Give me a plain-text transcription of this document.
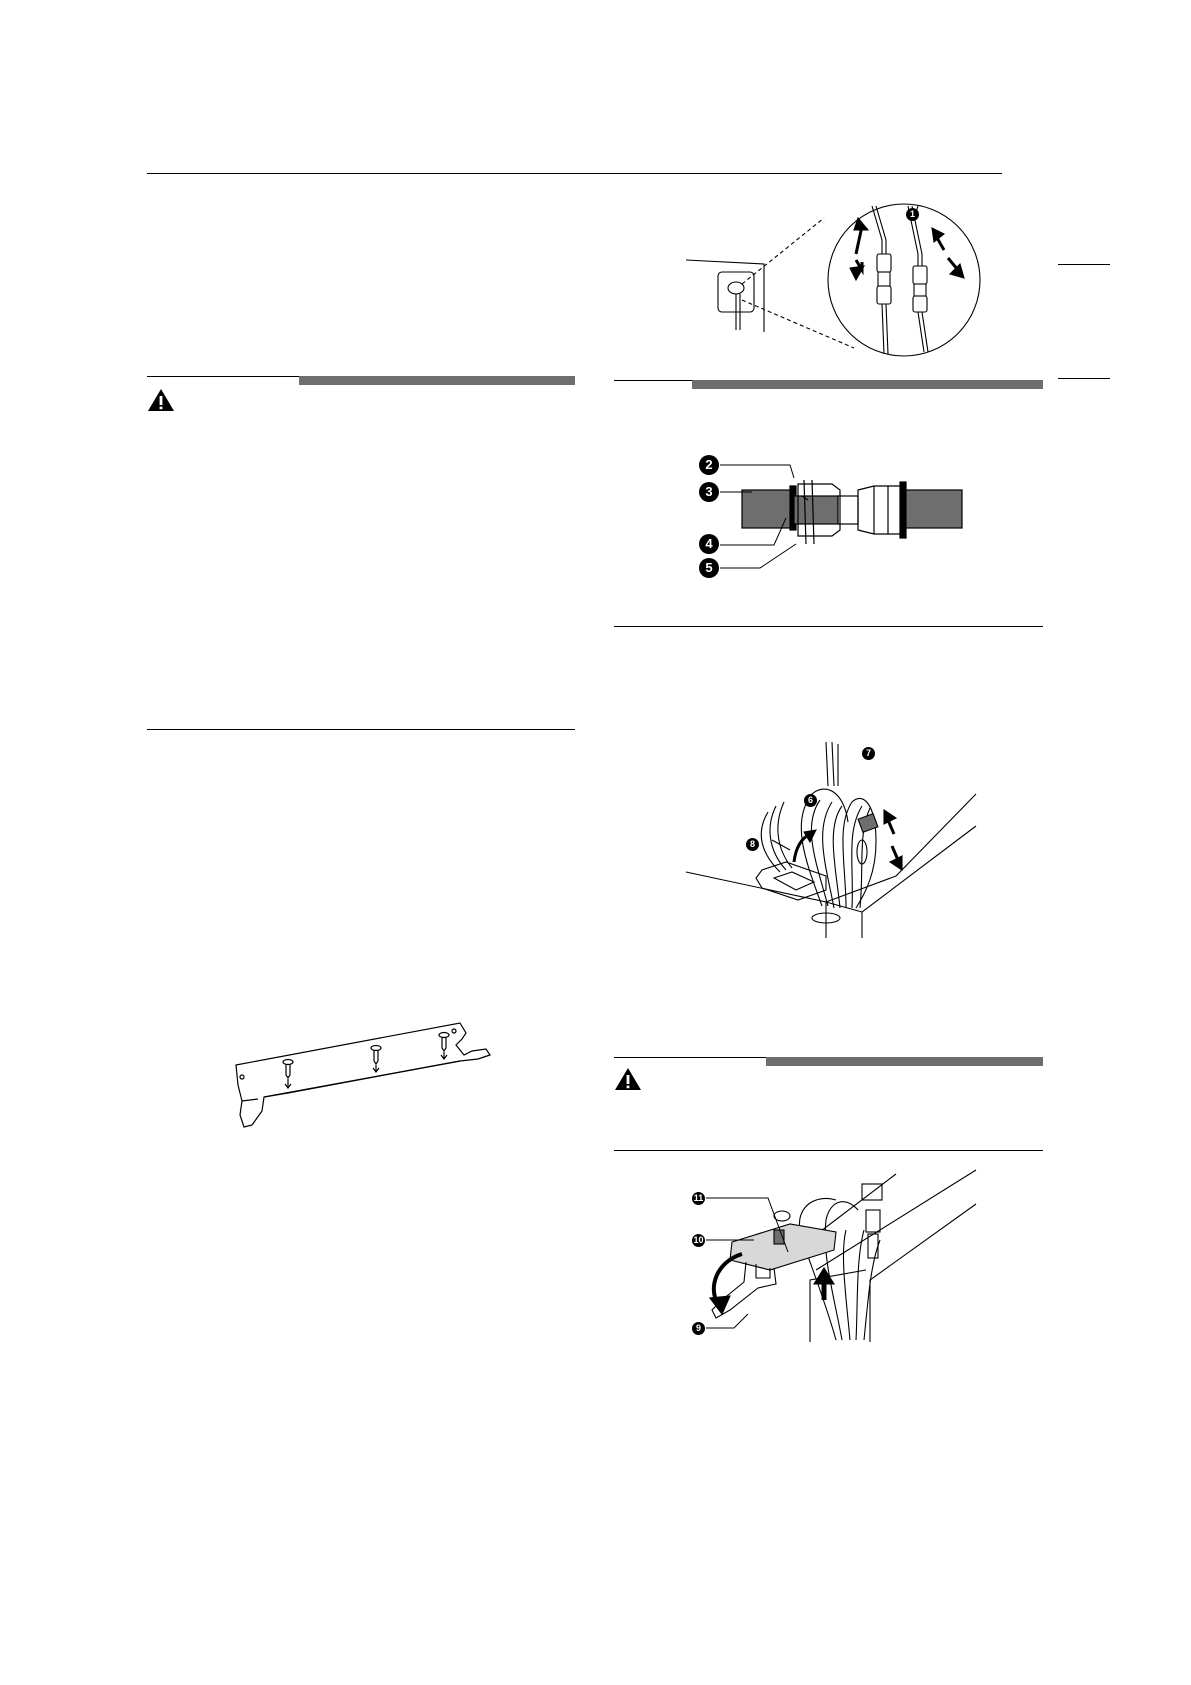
1
2
3
4
5
6
7
8
9
10
11
